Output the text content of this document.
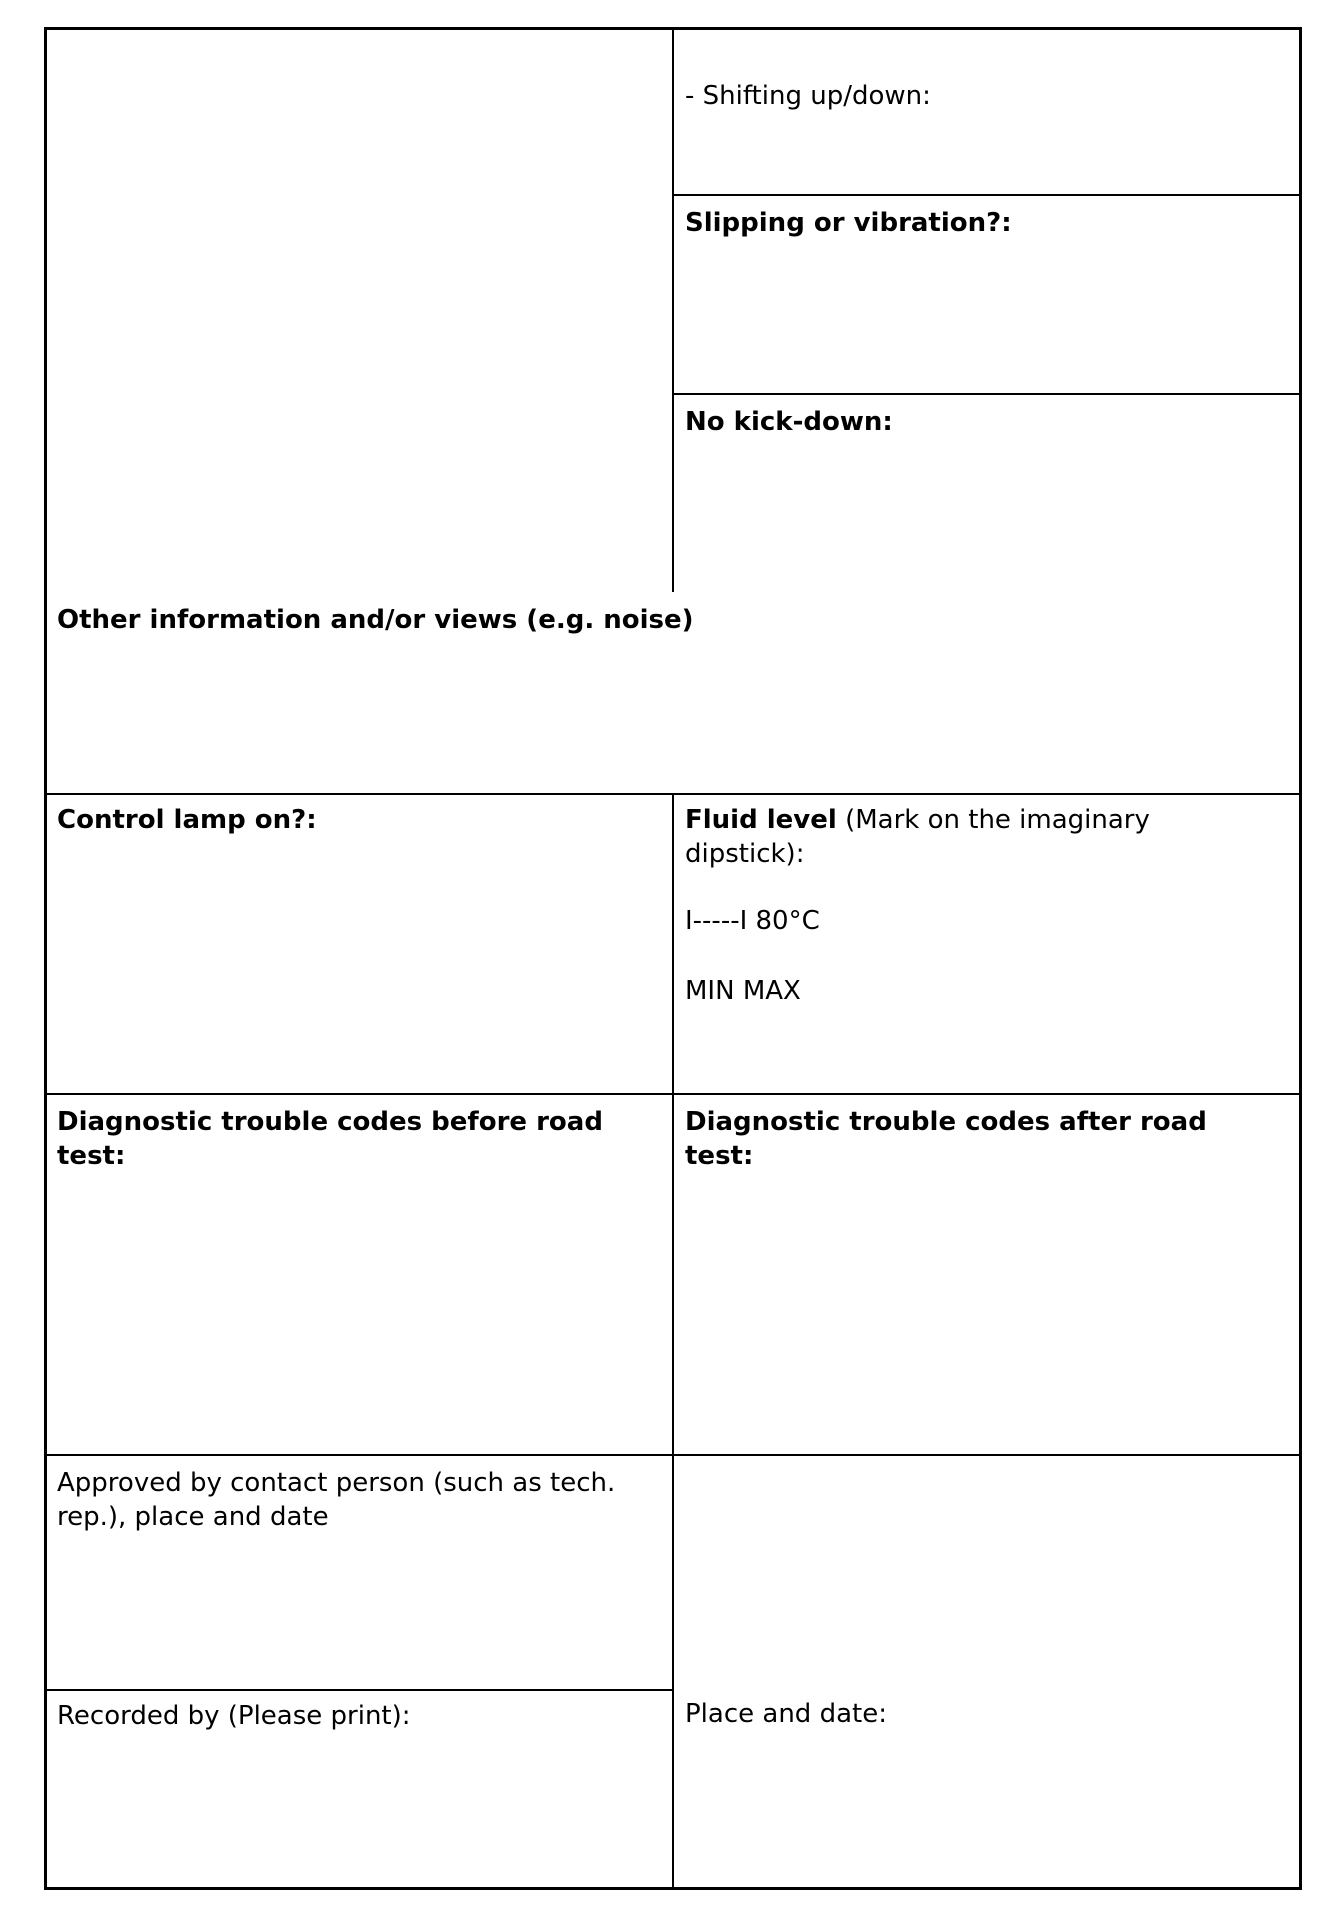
- Shifting up/down:
Slipping or vibration?:
No kick-down:
Other information and/or views (e.g. noise)
Control lamp on?:	Fluid level (Mark on the imaginary dipstick):
I-----I 80°C
MIN MAX
Diagnostic trouble codes before road test:
Diagnostic trouble codes after road test:
Approved by contact person (such as tech. rep.), place and date
Recorded by (Please print):	Place and date:
